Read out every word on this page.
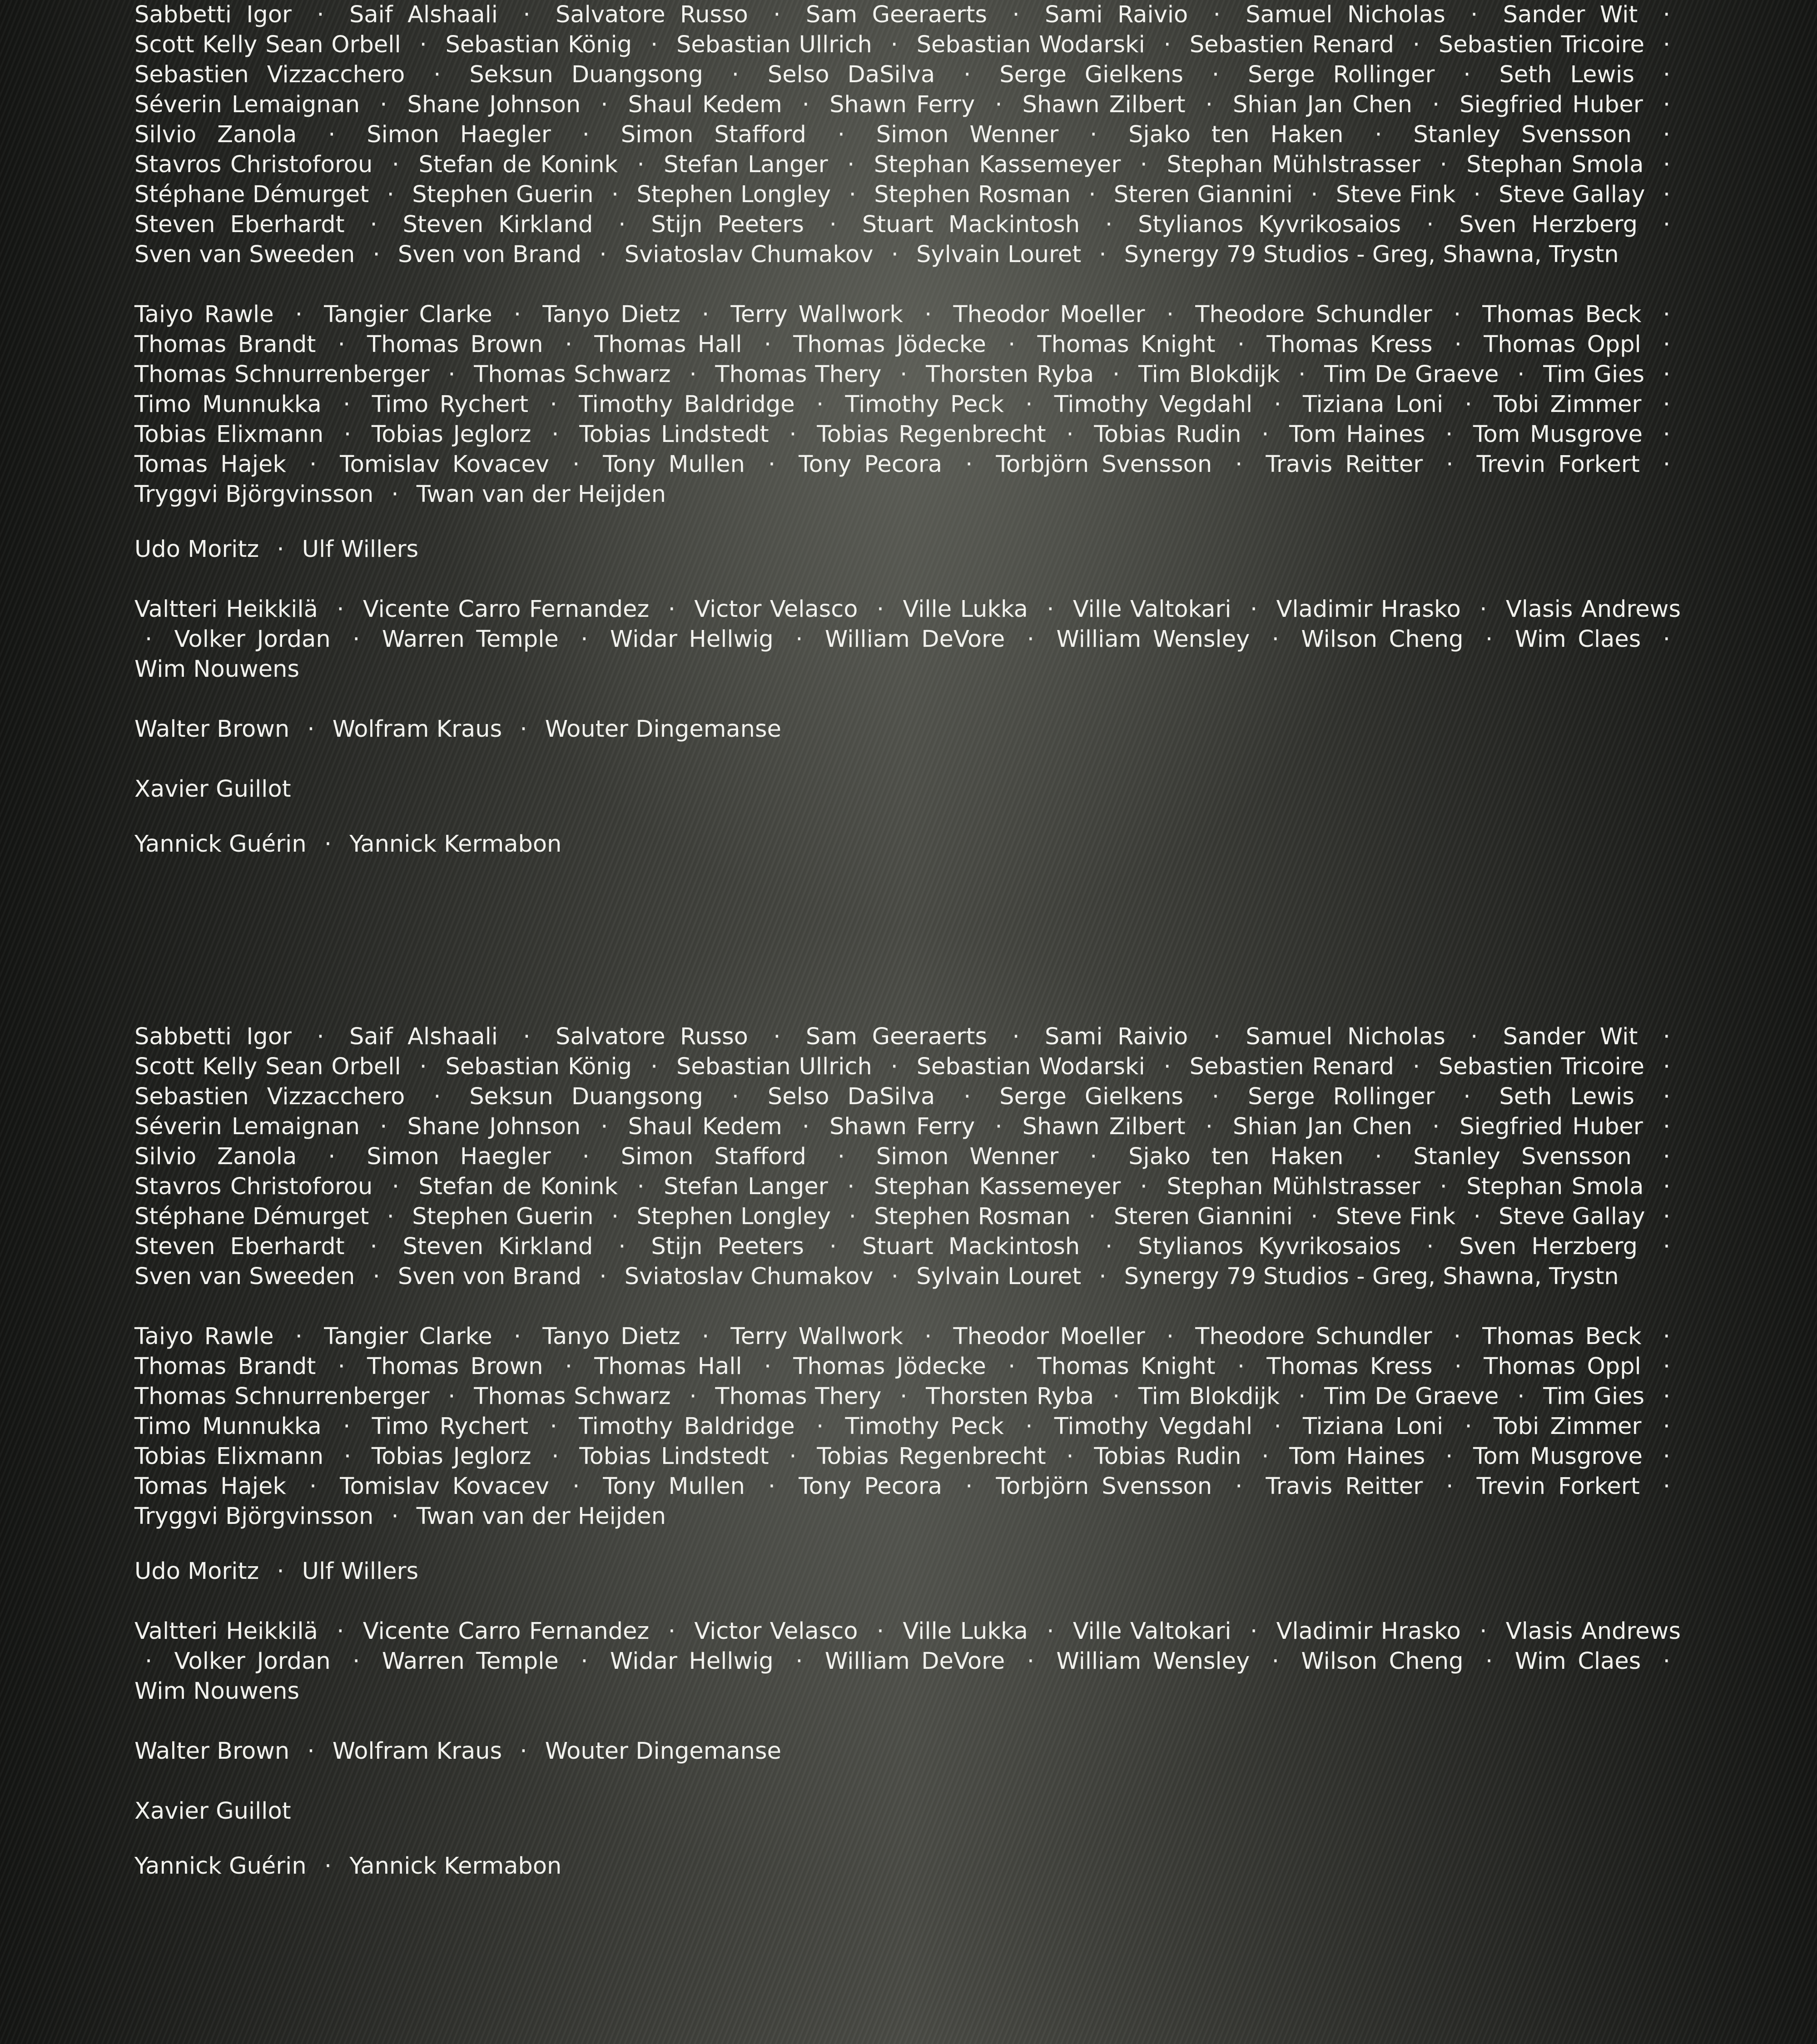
Sabbetti Igor · Saif Alshaali · Salvatore Russo · Sam Geeraerts · Sami Raivio · Samuel Nicholas · Sander Wit · Scott Kelly Sean Orbell · Sebastian König · Sebastian Ullrich · Sebastian Wodarski · Sebastien Renard · Sebastien Tricoire · Sebastien Vizzacchero · Seksun Duangsong · Selso DaSilva · Serge Gielkens · Serge Rollinger · Seth Lewis · Séverin Lemaignan · Shane Johnson · Shaul Kedem · Shawn Ferry · Shawn Zilbert · Shian Jan Chen · Siegfried Huber · Silvio Zanola · Simon Haegler · Simon Stafford · Simon Wenner · Sjako ten Haken · Stanley Svensson · Stavros Christoforou · Stefan de Konink · Stefan Langer · Stephan Kassemeyer · Stephan Mühlstrasser · Stephan Smola · Stéphane Démurget · Stephen Guerin · Stephen Longley · Stephen Rosman · Steren Giannini · Steve Fink · Steve Gallay · Steven Eberhardt · Steven Kirkland · Stijn Peeters · Stuart Mackintosh · Stylianos Kyvrikosaios · Sven Herzberg · Sven van Sweeden · Sven von Brand · Sviatoslav Chumakov · Sylvain Louret · Synergy 79 Studios - Greg, Shawna, Trystn

Taiyo Rawle · Tangier Clarke · Tanyo Dietz · Terry Wallwork · Theodor Moeller · Theodore Schundler · Thomas Beck · Thomas Brandt · Thomas Brown · Thomas Hall · Thomas Jödecke · Thomas Knight · Thomas Kress · Thomas Oppl · Thomas Schnurrenberger · Thomas Schwarz · Thomas Thery · Thorsten Ryba · Tim Blokdijk · Tim De Graeve · Tim Gies · Timo Munnukka · Timo Rychert · Timothy Baldridge · Timothy Peck · Timothy Vegdahl · Tiziana Loni · Tobi Zimmer · Tobias Elixmann · Tobias Jeglorz · Tobias Lindstedt · Tobias Regenbrecht · Tobias Rudin · Tom Haines · Tom Musgrove · Tomas Hajek · Tomislav Kovacev · Tony Mullen · Tony Pecora · Torbjörn Svensson · Travis Reitter · Trevin Forkert · Tryggvi Björgvinsson · Twan van der Heijden

Udo Moritz · Ulf Willers

Valtteri Heikkilä · Vicente Carro Fernandez · Victor Velasco · Ville Lukka · Ville Valtokari · Vladimir Hrasko · Vlasis Andrews · Volker Jordan · Warren Temple · Widar Hellwig · William DeVore · William Wensley · Wilson Cheng · Wim Claes · Wim Nouwens

Walter Brown · Wolfram Kraus · Wouter Dingemanse

Xavier Guillot

Yannick Guérin · Yannick Kermabon

Sabbetti Igor · Saif Alshaali · Salvatore Russo · Sam Geeraerts · Sami Raivio · Samuel Nicholas · Sander Wit · Scott Kelly Sean Orbell · Sebastian König · Sebastian Ullrich · Sebastian Wodarski · Sebastien Renard · Sebastien Tricoire · Sebastien Vizzacchero · Seksun Duangsong · Selso DaSilva · Serge Gielkens · Serge Rollinger · Seth Lewis · Séverin Lemaignan · Shane Johnson · Shaul Kedem · Shawn Ferry · Shawn Zilbert · Shian Jan Chen · Siegfried Huber · Silvio Zanola · Simon Haegler · Simon Stafford · Simon Wenner · Sjako ten Haken · Stanley Svensson · Stavros Christoforou · Stefan de Konink · Stefan Langer · Stephan Kassemeyer · Stephan Mühlstrasser · Stephan Smola · Stéphane Démurget · Stephen Guerin · Stephen Longley · Stephen Rosman · Steren Giannini · Steve Fink · Steve Gallay · Steven Eberhardt · Steven Kirkland · Stijn Peeters · Stuart Mackintosh · Stylianos Kyvrikosaios · Sven Herzberg · Sven van Sweeden · Sven von Brand · Sviatoslav Chumakov · Sylvain Louret · Synergy 79 Studios - Greg, Shawna, Trystn

Taiyo Rawle · Tangier Clarke · Tanyo Dietz · Terry Wallwork · Theodor Moeller · Theodore Schundler · Thomas Beck · Thomas Brandt · Thomas Brown · Thomas Hall · Thomas Jödecke · Thomas Knight · Thomas Kress · Thomas Oppl · Thomas Schnurrenberger · Thomas Schwarz · Thomas Thery · Thorsten Ryba · Tim Blokdijk · Tim De Graeve · Tim Gies · Timo Munnukka · Timo Rychert · Timothy Baldridge · Timothy Peck · Timothy Vegdahl · Tiziana Loni · Tobi Zimmer · Tobias Elixmann · Tobias Jeglorz · Tobias Lindstedt · Tobias Regenbrecht · Tobias Rudin · Tom Haines · Tom Musgrove · Tomas Hajek · Tomislav Kovacev · Tony Mullen · Tony Pecora · Torbjörn Svensson · Travis Reitter · Trevin Forkert · Tryggvi Björgvinsson · Twan van der Heijden

Udo Moritz · Ulf Willers

Valtteri Heikkilä · Vicente Carro Fernandez · Victor Velasco · Ville Lukka · Ville Valtokari · Vladimir Hrasko · Vlasis Andrews · Volker Jordan · Warren Temple · Widar Hellwig · William DeVore · William Wensley · Wilson Cheng · Wim Claes · Wim Nouwens

Walter Brown · Wolfram Kraus · Wouter Dingemanse

Xavier Guillot

Yannick Guérin · Yannick Kermabon
